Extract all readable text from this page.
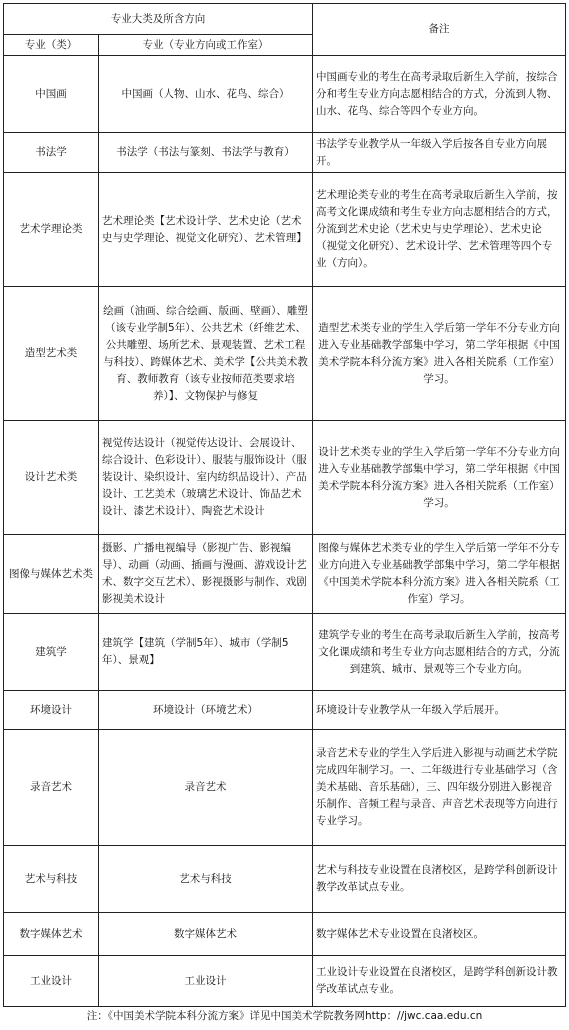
专业大类及所含方向		备注
专业（类）	专业（专业方向或工作室）	
中国画	中国画（人物、山水、花鸟、综合）	中国画专业的考生在高考录取后新生入学前，按综合分和考生专业方向志愿相结合的方式，分流到人物、山水、花鸟、综合等四个专业方向。
书法学	书法学（书法与篆刻、书法学与教育）	书法学专业教学从一年级入学后按各自专业方向展开。
艺术学理论类	艺术理论类【艺术设计学、艺术史论（艺术史与史学理论、视觉文化研究）、艺术管理】	艺术理论类专业的考生在高考录取后新生入学前，按高考文化课成绩和考生专业方向志愿相结合的方式，分流到艺术史论（艺术史与史学理论）、艺术史论（视觉文化研究）、艺术设计学、艺术管理等四个专业（方向）。
造型艺术类	绘画（油画、综合绘画、版画、壁画）、雕塑（该专业学制5年）、公共艺术（纤维艺术、公共雕塑、场所艺术、景观装置、艺术工程与科技）、跨媒体艺术、美术学【公共美术教育、教师教育（该专业按师范类要求培养）】、文物保护与修复	造型艺术类专业的学生入学后第一学年不分专业方向进入专业基础教学部集中学习，第二学年根据《中国美术学院本科分流方案》进入各相关院系（工作室）学习。
设计艺术类	视觉传达设计（视觉传达设计、会展设计、综合设计、色彩设计）、服装与服饰设计（服装设计、染织设计、室内纺织品设计）、产品设计、工艺美术（玻璃艺术设计、饰品艺术设计、漆艺术设计）、陶瓷艺术设计	设计艺术类专业的学生入学后第一学年不分专业方向进入专业基础教学部集中学习，第二学年根据《中国美术学院本科分流方案》进入各相关院系（工作室）学习。
图像与媒体艺术类	摄影、广播电视编导（影视广告、影视编导）、动画（动画、插画与漫画、游戏设计艺术、数字交互艺术）、影视摄影与制作、戏剧影视美术设计	图像与媒体艺术类专业的学生入学后第一学年不分专业方向进入专业基础教学部集中学习，第二学年根据《中国美术学院本科分流方案》进入各相关院系（工作室）学习。
建筑学	建筑学【建筑（学制5年）、城市（学制5年）、景观】	建筑学专业的考生在高考录取后新生入学前，按高考文化课成绩和考生专业方向志愿相结合的方式，分流到建筑、城市、景观等三个专业方向。
环境设计	环境设计（环境艺术）	环境设计专业教学从一年级入学后展开。
录音艺术	录音艺术	录音艺术专业的学生入学后进入影视与动画艺术学院完成四年制学习。一、二年级进行专业基础学习（含美术基础、音乐基础），三、四年级分别进入影视音乐制作、音频工程与录音、声音艺术表现等方向进行专业学习。
艺术与科技	艺术与科技	艺术与科技专业设置在良渚校区，是跨学科创新设计教学改革试点专业。
数字媒体艺术	数字媒体艺术	数字媒体艺术专业设置在良渚校区。
工业设计	工业设计	工业设计专业设置在良渚校区，是跨学科创新设计教学改革试点专业。
注：《中国美术学院本科分流方案》详见中国美术学院教务网http：//jwc.caa.edu.cn
